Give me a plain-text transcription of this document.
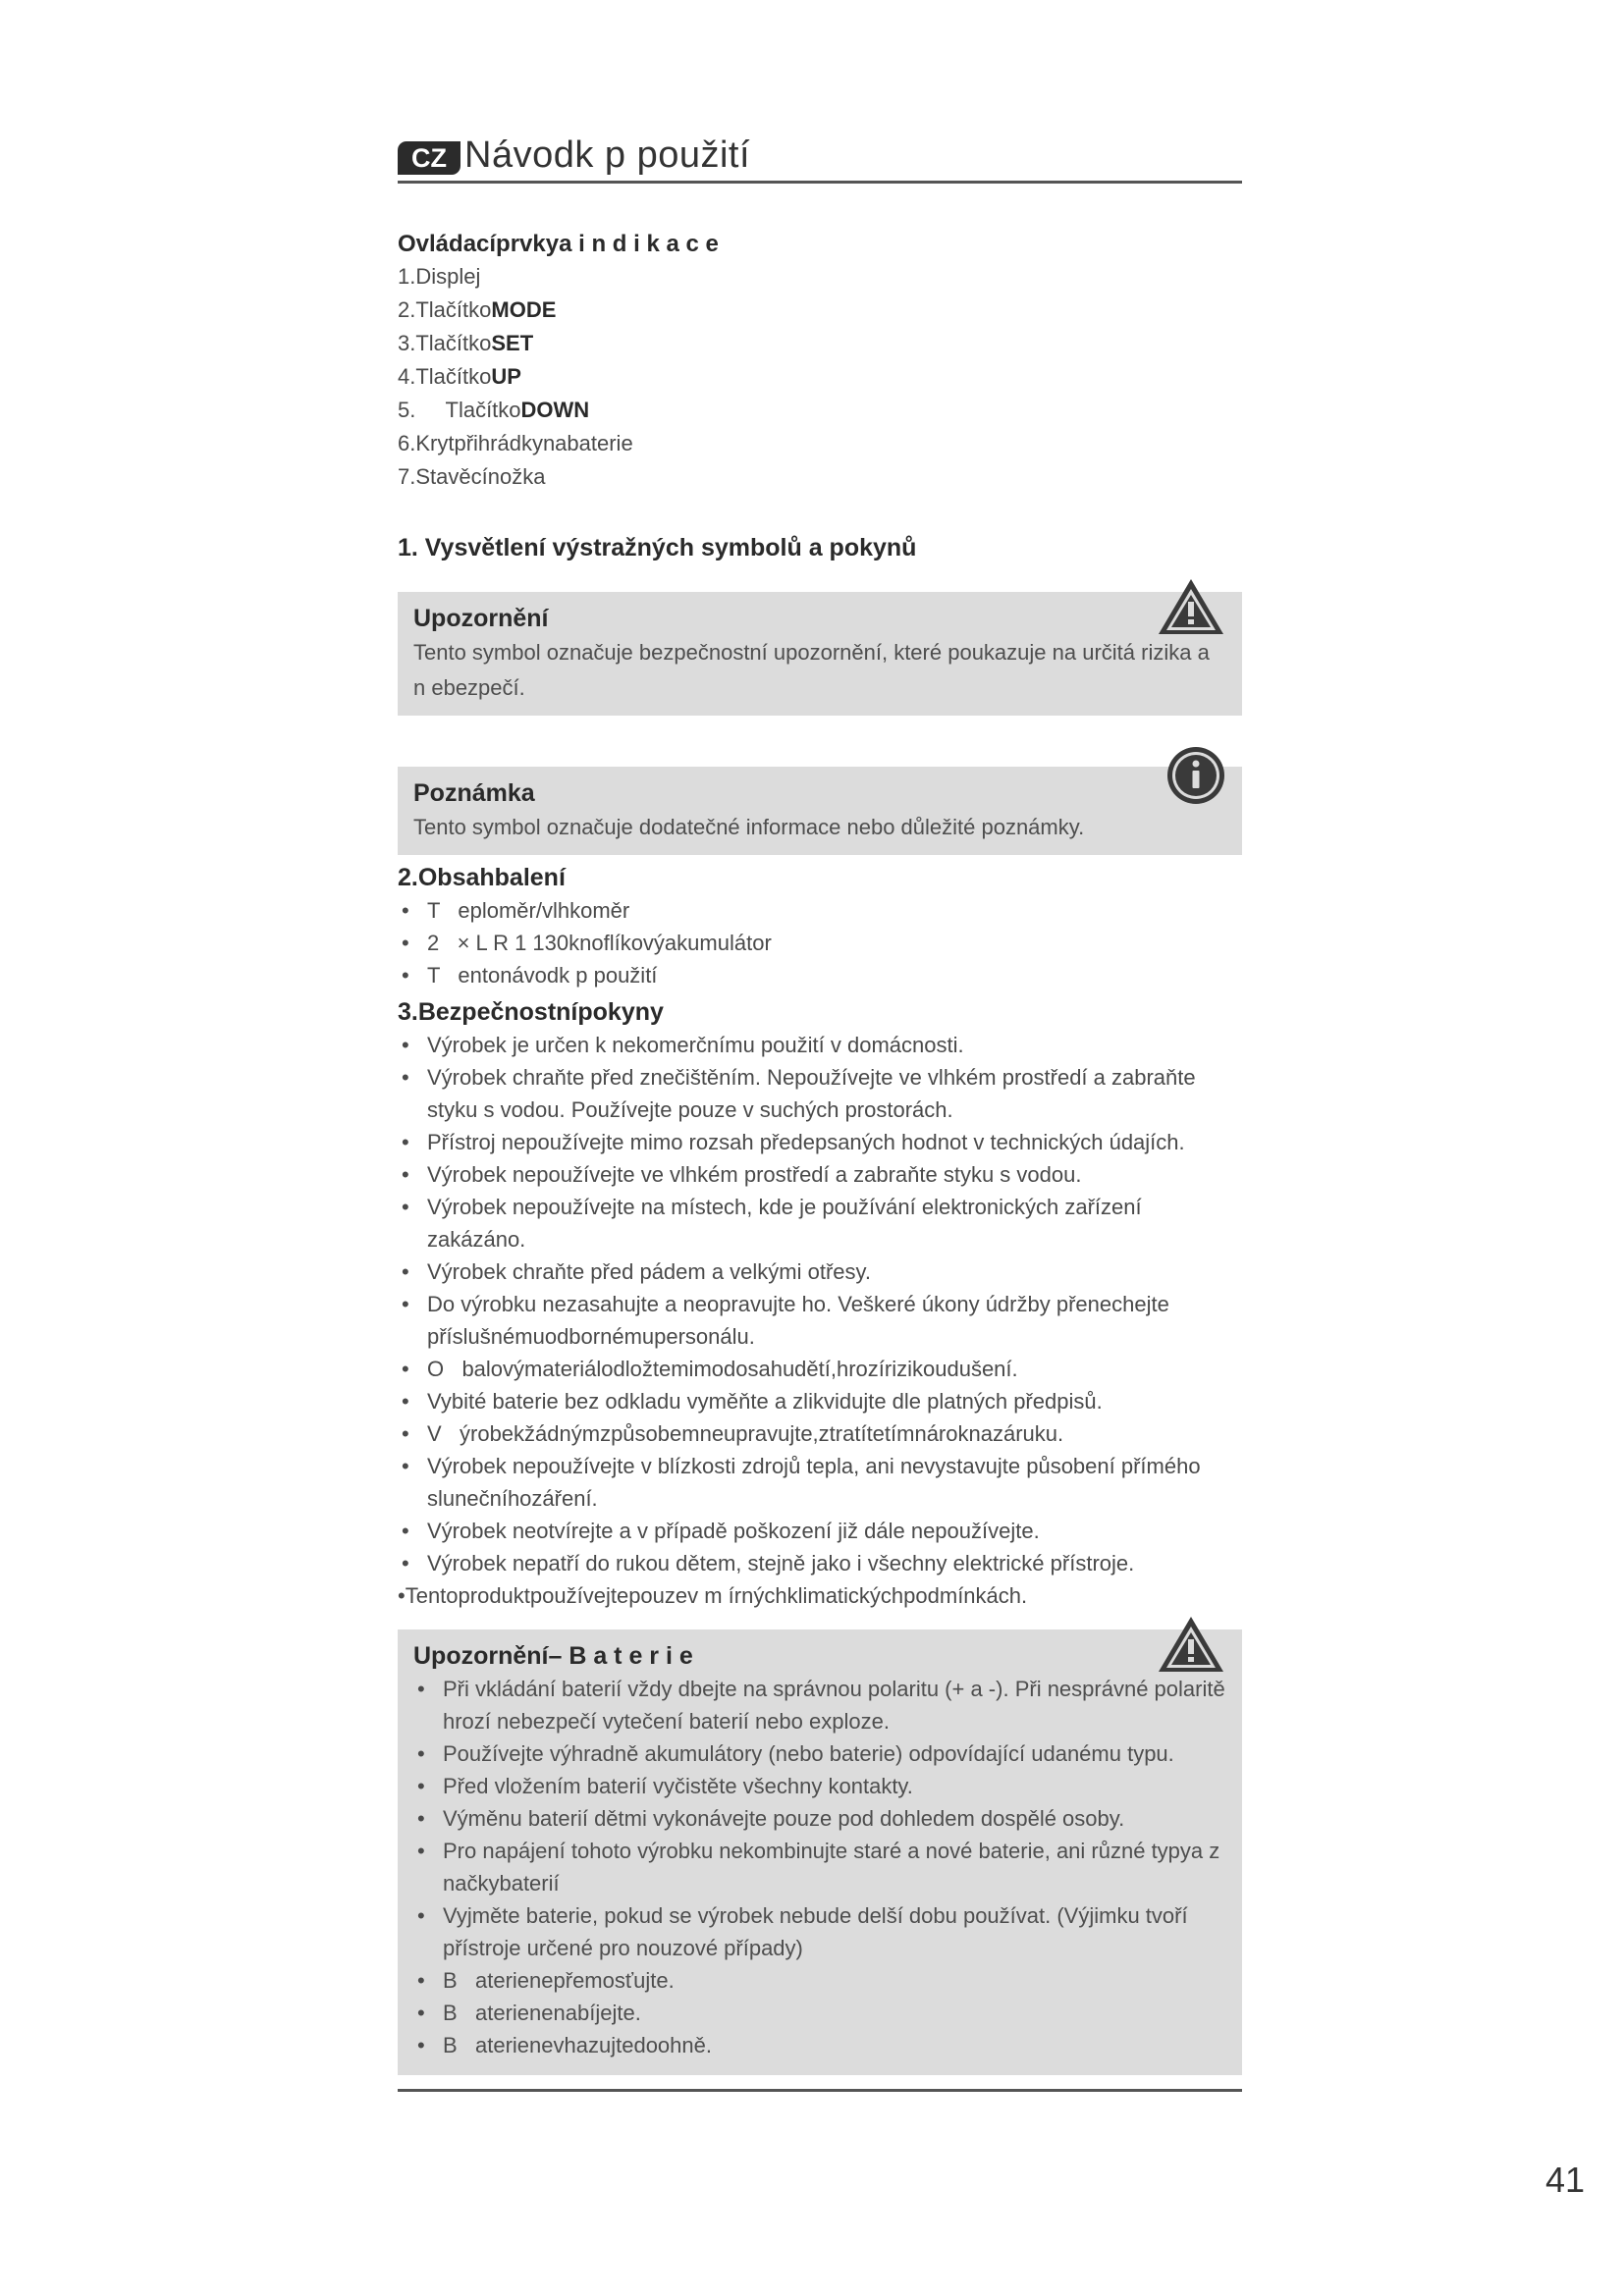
CZ Návodk p použití
Ovládacíprvkya i n d i k a c e
1.Displej
2.TlačítkoMODE
3.TlačítkoSET
4.TlačítkoUP
5.     TlačítkoDOWN
6.Krytpřihrádkynabaterie
7.Stavěcínožka
1. Vysvětlení výstražných symbolů a pokynů
Upozornění
Tento symbol označuje bezpečnostní upozornění, které poukazuje na určitá rizika a n ebezpečí.
Poznámka
Tento symbol označuje dodatečné informace nebo důležité poznámky.
2.Obsahbalení
• T   eploměr/vlhkoměr
• 2   × L R 1 130knoflíkovýakumulátor
• T   entonávodk p použití
3.Bezpečnostnípokyny
• Výrobek je určen k nekomerčnímu použití v domácnosti.
• Výrobek chraňte před znečištěním. Nepoužívejte ve vlhkém prostředí a zabraňte styku s vodou. Používejte pouze v suchých prostorách.
• Přístroj nepoužívejte mimo rozsah předepsaných hodnot v technických údajích.
• Výrobek nepoužívejte ve vlhkém prostředí a zabraňte styku s vodou.
• Výrobek nepoužívejte na místech, kde je používání elektronických zařízení zakázáno.
• Výrobek chraňte před pádem a velkými otřesy.
• Do výrobku nezasahujte a neopravujte ho. Veškeré úkony údržby přenechejte příslušnémuodbornémupersonálu.
• O   balovýmateriálodložtemimodosahudětí,hrozírizikoudušení.
• Vybité baterie bez odkladu vyměňte a zlikvidujte dle platných předpisů.
• V   ýrobekžádnýmzpůsobemneupravujte,ztratítetímnároknazáruku.
• Výrobek nepoužívejte v blízkosti zdrojů tepla, ani nevystavujte působení přímého slunečníhozáření.
• Výrobek neotvírejte a v případě poškození již dále nepoužívejte.
• Výrobek nepatří do rukou dětem, stejně jako i všechny elektrické přístroje.
•Tentoproduktpoužívejtepouzev m írnýchklimatickýchpodmínkách.
Upozornění– B a t e r i e
• Při vkládání baterií vždy dbejte na správnou polaritu (+ a -). Při nesprávné polaritě hrozí nebezpečí vytečení baterií nebo exploze.
• Používejte výhradně akumulátory (nebo baterie) odpovídající udanému typu.
• Před vložením baterií vyčistěte všechny kontakty.
• Výměnu baterií dětmi vykonávejte pouze pod dohledem dospělé osoby.
• Pro napájení tohoto výrobku nekombinujte staré a nové baterie, ani různé typya z načkybaterií
• Vyjměte baterie, pokud se výrobek nebude delší dobu používat. (Výjimku tvoří přístroje určené pro nouzové případy)
• B   aterienepřemosťujte.
• B   aterienenabíjejte.
• B   aterienevhazujtedoohně.
41
